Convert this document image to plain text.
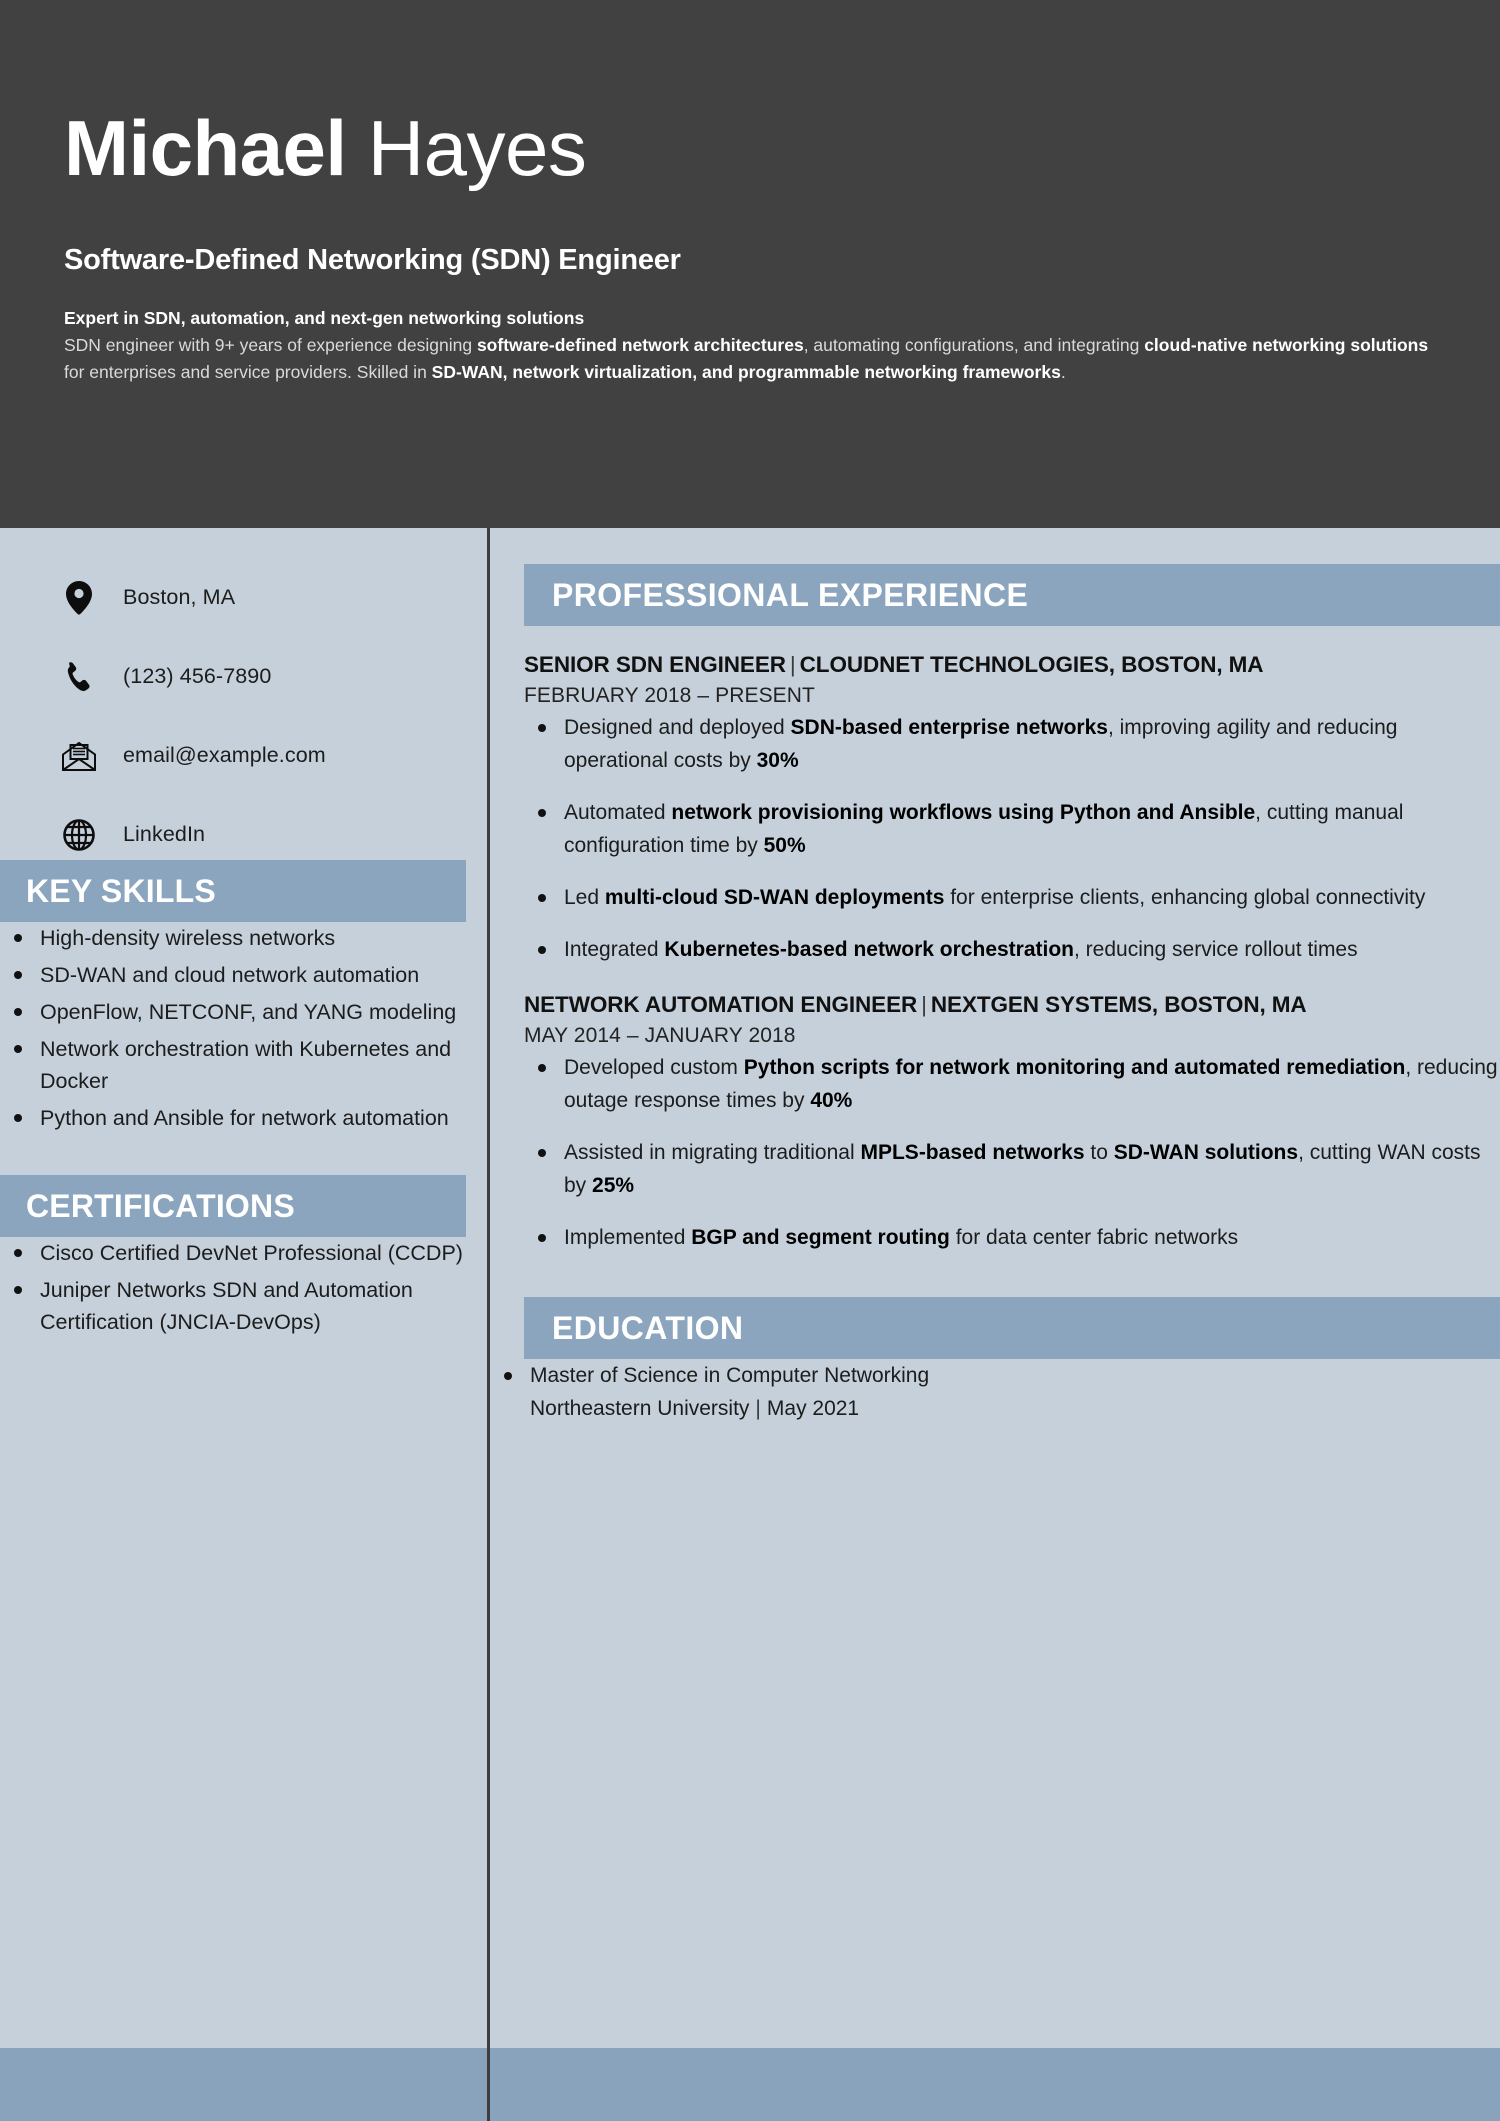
Michael Hayes
Software-Defined Networking (SDN) Engineer
Expert in SDN, automation, and next-gen networking solutions
SDN engineer with 9+ years of experience designing software-defined network architectures, automating configurations, and integrating cloud-native networking solutions for enterprises and service providers. Skilled in SD-WAN, network virtualization, and programmable networking frameworks.
Boston, MA
(123) 456-7890
email@example.com
LinkedIn
KEY SKILLS
High-density wireless networks
SD-WAN and cloud network automation
OpenFlow, NETCONF, and YANG modeling
Network orchestration with Kubernetes and Docker
Python and Ansible for network automation
CERTIFICATIONS
Cisco Certified DevNet Professional (CCDP)
Juniper Networks SDN and Automation Certification (JNCIA-DevOps)
PROFESSIONAL EXPERIENCE
SENIOR SDN ENGINEER | CLOUDNET TECHNOLOGIES, BOSTON, MA
FEBRUARY 2018 – PRESENT
Designed and deployed SDN-based enterprise networks, improving agility and reducing operational costs by 30%
Automated network provisioning workflows using Python and Ansible, cutting manual configuration time by 50%
Led multi-cloud SD-WAN deployments for enterprise clients, enhancing global connectivity
Integrated Kubernetes-based network orchestration, reducing service rollout times
NETWORK AUTOMATION ENGINEER | NEXTGEN SYSTEMS, BOSTON, MA
MAY 2014 – JANUARY 2018
Developed custom Python scripts for network monitoring and automated remediation, reducing outage response times by 40%
Assisted in migrating traditional MPLS-based networks to SD-WAN solutions, cutting WAN costs by 25%
Implemented BGP and segment routing for data center fabric networks
EDUCATION
Master of Science in Computer Networking
Northeastern University | May 2021
